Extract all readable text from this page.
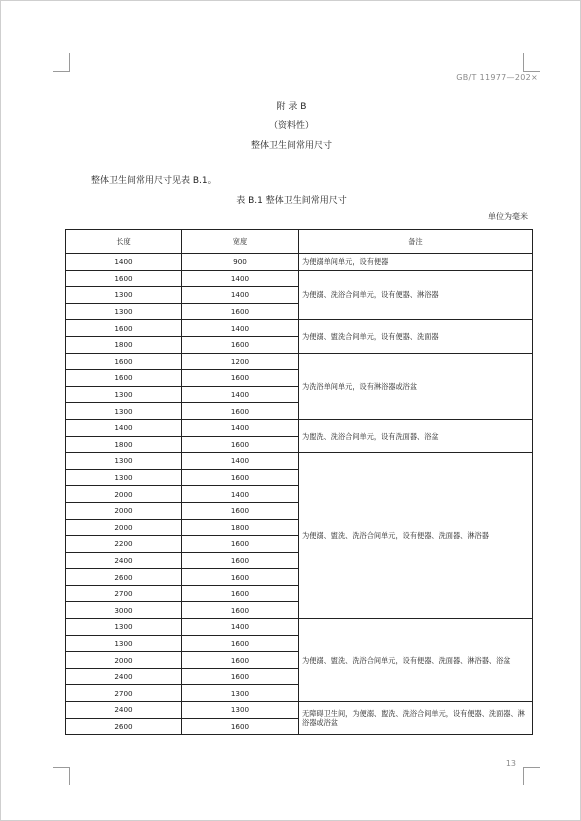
GB/T 11977—202×
附 录 B
（资料性）
整体卫生间常用尺寸
整体卫生间常用尺寸见表 B.1。
表 B.1 整体卫生间常用尺寸
单位为毫米
长度	宽度	备注
1400	900	为便溺单间单元，设有便器
1600	1400	为便溺、洗浴合间单元，设有便器、淋浴器
1300	1400	
1300	1600	
1600	1400	为便溺、盥洗合间单元，设有便器、洗面器
1800	1600	
1600	1200	为洗浴单间单元，设有淋浴器或浴盆
1600	1600	
1300	1400	
1300	1600	
1400	1400	为盥洗、洗浴合间单元，设有洗面器、浴盆
1800	1600	
1300	1400	为便溺、盥洗、洗浴合间单元，设有便器、洗面器、淋浴器
1300	1600	
2000	1400	
2000	1600	
2000	1800	
2200	1600	
2400	1600	
2600	1600	
2700	1600	
3000	1600	
1300	1400	为便溺、盥洗、洗浴合间单元，设有便器、洗面器、淋浴器、浴盆
1300	1600	
2000	1600	
2400	1600	
2700	1300	
2400	1300	无障碍卫生间，为便溺、盥洗、洗浴合间单元，设有便器、洗面器、淋浴器或浴盆
2600	1600	
13
